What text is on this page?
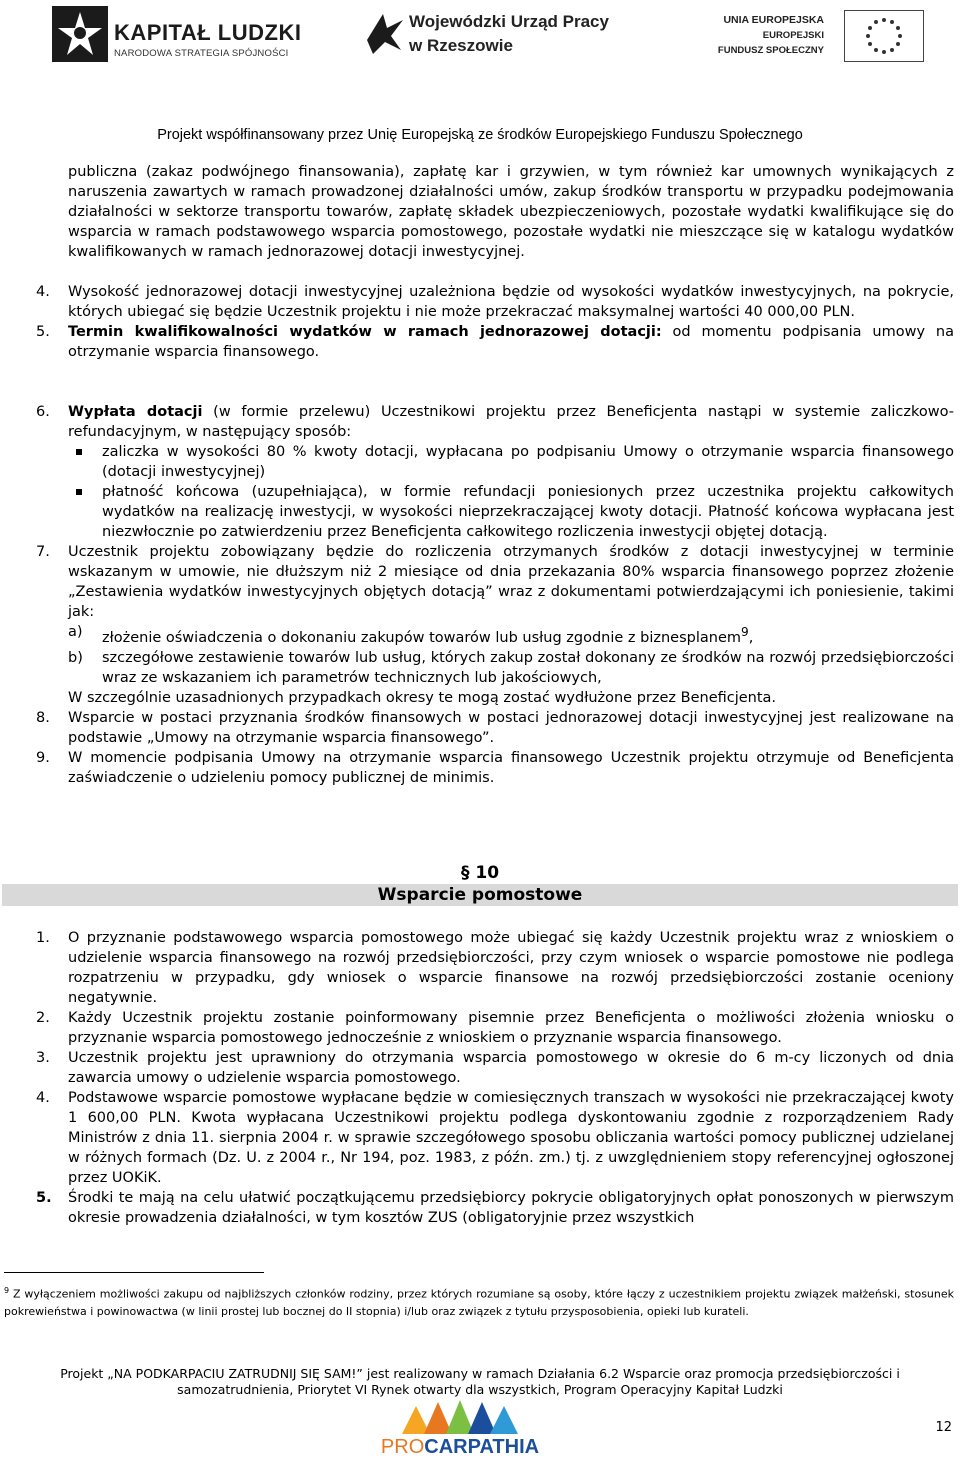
KAPITAŁ LUDZKI
NARODOWA STRATEGIA SPÓJNOŚCI
Wojewódzki Urząd Pracy
w Rzeszowie
UNIA EUROPEJSKA
EUROPEJSKI
FUNDUSZ SPOŁECZNY
Projekt współfinansowany przez Unię Europejską ze środków Europejskiego Funduszu Społecznego

publiczna (zakaz podwójnego finansowania), zapłatę kar i grzywien, w tym również kar umownych wynikających z naruszenia zawartych w ramach prowadzonej działalności umów, zakup środków transportu w przypadku podejmowania działalności w sektorze transportu towarów, zapłatę składek ubezpieczeniowych, pozostałe wydatki kwalifikujące się do wsparcia w ramach podstawowego wsparcia pomostowego, pozostałe wydatki nie mieszczące się w katalogu wydatków kwalifikowanych w ramach jednorazowej dotacji inwestycyjnej.

4. Wysokość jednorazowej dotacji inwestycyjnej uzależniona będzie od wysokości wydatków inwestycyjnych, na pokrycie, których ubiegać się będzie Uczestnik projektu i nie może przekraczać maksymalnej wartości 40 000,00 PLN.
5. Termin kwalifikowalności wydatków w ramach jednorazowej dotacji: od momentu podpisania umowy na otrzymanie wsparcia finansowego.
6. Wypłata dotacji (w formie przelewu) Uczestnikowi projektu przez Beneficjenta nastąpi w systemie zaliczkowo-refundacyjnym, w następujący sposób:
zaliczka w wysokości 80 % kwoty dotacji, wypłacana po podpisaniu Umowy o otrzymanie wsparcia finansowego (dotacji inwestycyjnej)
płatność końcowa (uzupełniająca), w formie refundacji poniesionych przez uczestnika projektu całkowitych wydatków na realizację inwestycji, w wysokości nieprzekraczającej kwoty dotacji. Płatność końcowa wypłacana jest niezwłocznie po zatwierdzeniu przez Beneficjenta całkowitego rozliczenia inwestycji objętej dotacją.
7. Uczestnik projektu zobowiązany będzie do rozliczenia otrzymanych środków z dotacji inwestycyjnej w terminie wskazanym w umowie, nie dłuższym niż 2 miesiące od dnia przekazania 80% wsparcia finansowego poprzez złożenie „Zestawienia wydatków inwestycyjnych objętych dotacją” wraz z dokumentami potwierdzającymi ich poniesienie, takimi jak:
a) złożenie oświadczenia o dokonaniu zakupów towarów lub usług zgodnie z biznesplanem$^9$,
b) szczegółowe zestawienie towarów lub usług, których zakup został dokonany ze środków na rozwój przedsiębiorczości wraz ze wskazaniem ich parametrów technicznych lub jakościowych,

W szczególnie uzasadnionych przypadkach okresy te mogą zostać wydłużone przez Beneficjenta.

8. Wsparcie w postaci przyznania środków finansowych w postaci jednorazowej dotacji inwestycyjnej jest realizowane na podstawie „Umowy na otrzymanie wsparcia finansowego”.
9. W momencie podpisania Umowy na otrzymanie wsparcia finansowego Uczestnik projektu otrzymuje od Beneficjenta zaświadczenie o udzieleniu pomocy publicznej de minimis.
§ 10
Wsparcie pomostowe
1. O przyznanie podstawowego wsparcia pomostowego może ubiegać się każdy Uczestnik projektu wraz z wnioskiem o udzielenie wsparcia finansowego na rozwój przedsiębiorczości, przy czym wniosek o wsparcie pomostowe nie podlega rozpatrzeniu w przypadku, gdy wniosek o wsparcie finansowe na rozwój przedsiębiorczości zostanie oceniony negatywnie.
2. Każdy Uczestnik projektu zostanie poinformowany pisemnie przez Beneficjenta o możliwości złożenia wniosku o przyznanie wsparcia pomostowego jednocześnie z wnioskiem o przyznanie wsparcia finansowego.
3. Uczestnik projektu jest uprawniony do otrzymania wsparcia pomostowego w okresie do 6 m-cy liczonych od dnia zawarcia umowy o udzielenie wsparcia pomostowego.
4. Podstawowe wsparcie pomostowe wypłacane będzie w comiesięcznych transzach w wysokości nie przekraczającej kwoty 1 600,00 PLN. Kwota wypłacana Uczestnikowi projektu podlega dyskontowaniu zgodnie z rozporządzeniem Rady Ministrów z dnia 11. sierpnia 2004 r. w sprawie szczegółowego sposobu obliczania wartości pomocy publicznej udzielanej w różnych formach (Dz. U. z 2004 r., Nr 194, poz. 1983, z późn. zm.) tj. z uwzględnieniem stopy referencyjnej ogłoszonej przez UOKiK.
5. Środki te mają na celu ułatwić początkującemu przedsiębiorcy pokrycie obligatoryjnych opłat ponoszonych w pierwszym okresie prowadzenia działalności, w tym kosztów ZUS (obligatoryjnie przez wszystkich
$^9$ Z wyłączeniem możliwości zakupu od najbliższych członków rodziny, przez których rozumiane są osoby, które łączy z uczestnikiem projektu związek małżeński, stosunek pokrewieństwa i powinowactwa (w linii prostej lub bocznej do II stopnia) i/lub oraz związek z tytułu przysposobienia, opieki lub kurateli.
Projekt „NA PODKARPACIU ZATRUDNIJ SIĘ SAM!” jest realizowany w ramach Działania 6.2 Wsparcie oraz promocja przedsiębiorczości i
samozatrudnienia, Priorytet VI Rynek otwarty dla wszystkich, Program Operacyjny Kapitał Ludzki
PROCARPATHIA
12
